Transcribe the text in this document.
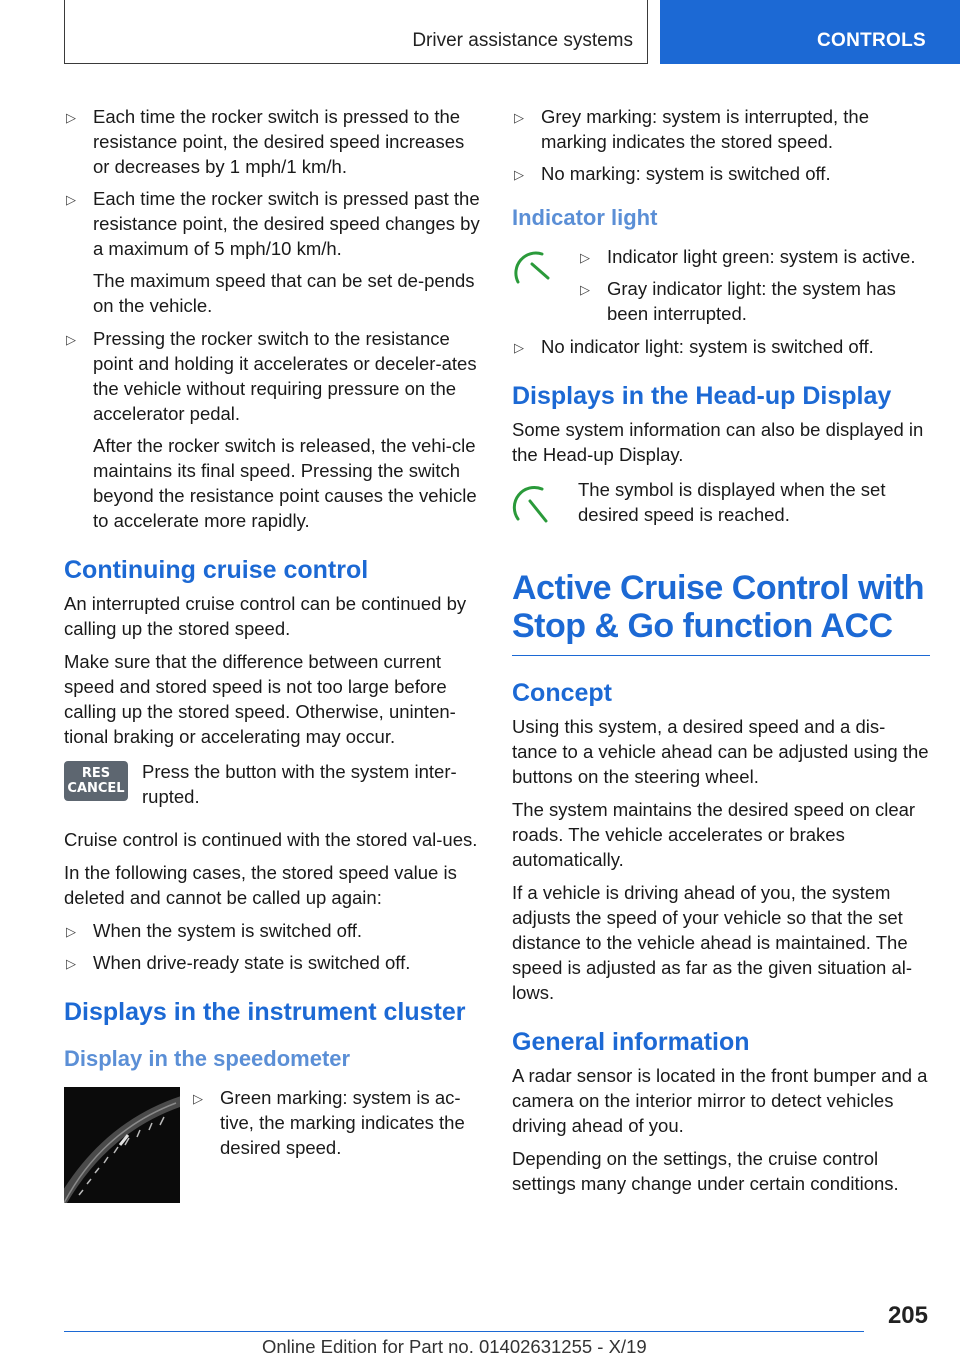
Driver assistance systems	CONTROLS
▷ Each time the rocker switch is pressed to the resistance point, the desired speed increases or decreases by 1 mph/1 km/h.
▷ Each time the rocker switch is pressed past the resistance point, the desired speed changes by a maximum of 5 mph/10 km/h.

The maximum speed that can be set de-pends on the vehicle.

▷ Pressing the rocker switch to the resistance point and holding it accelerates or deceler-ates the vehicle without requiring pressure on the accelerator pedal.

After the rocker switch is released, the vehi-cle maintains its final speed. Pressing the switch beyond the resistance point causes the vehicle to accelerate more rapidly.

Continuing cruise control

An interrupted cruise control can be continued by calling up the stored speed.

Make sure that the difference between current speed and stored speed is not too large before calling up the stored speed. Otherwise, uninten-tional braking or accelerating may occur.

RES
CANCEL

Press the button with the system inter-rupted.

Cruise control is continued with the stored val-ues.

In the following cases, the stored speed value is deleted and cannot be called up again:

▷ When the system is switched off.
▷ When drive-ready state is switched off.
Displays in the instrument cluster
Display in the speedometer
▷ Green marking: system is ac-tive, the marking indicates the desired speed.
▷ Grey marking: system is interrupted, the marking indicates the stored speed.
▷ No marking: system is switched off.
Indicator light
▷ Indicator light green: system is active.
▷ Gray indicator light: the system has been interrupted.
▷ No indicator light: system is switched off.
Displays in the Head-up Display

Some system information can also be displayed in the Head-up Display.

The symbol is displayed when the set desired speed is reached.

Active Cruise Control with Stop & Go function ACC
Concept

Using this system, a desired speed and a dis-tance to a vehicle ahead can be adjusted using the buttons on the steering wheel.

The system maintains the desired speed on clear roads. The vehicle accelerates or brakes automatically.

If a vehicle is driving ahead of you, the system adjusts the speed of your vehicle so that the set distance to the vehicle ahead is maintained. The speed is adjusted as far as the given situation al-lows.

General information

A radar sensor is located in the front bumper and a camera on the interior mirror to detect vehicles driving ahead of you.

Depending on the settings, the cruise control settings many change under certain conditions.

205
Online Edition for Part no. 01402631255 - X/19
